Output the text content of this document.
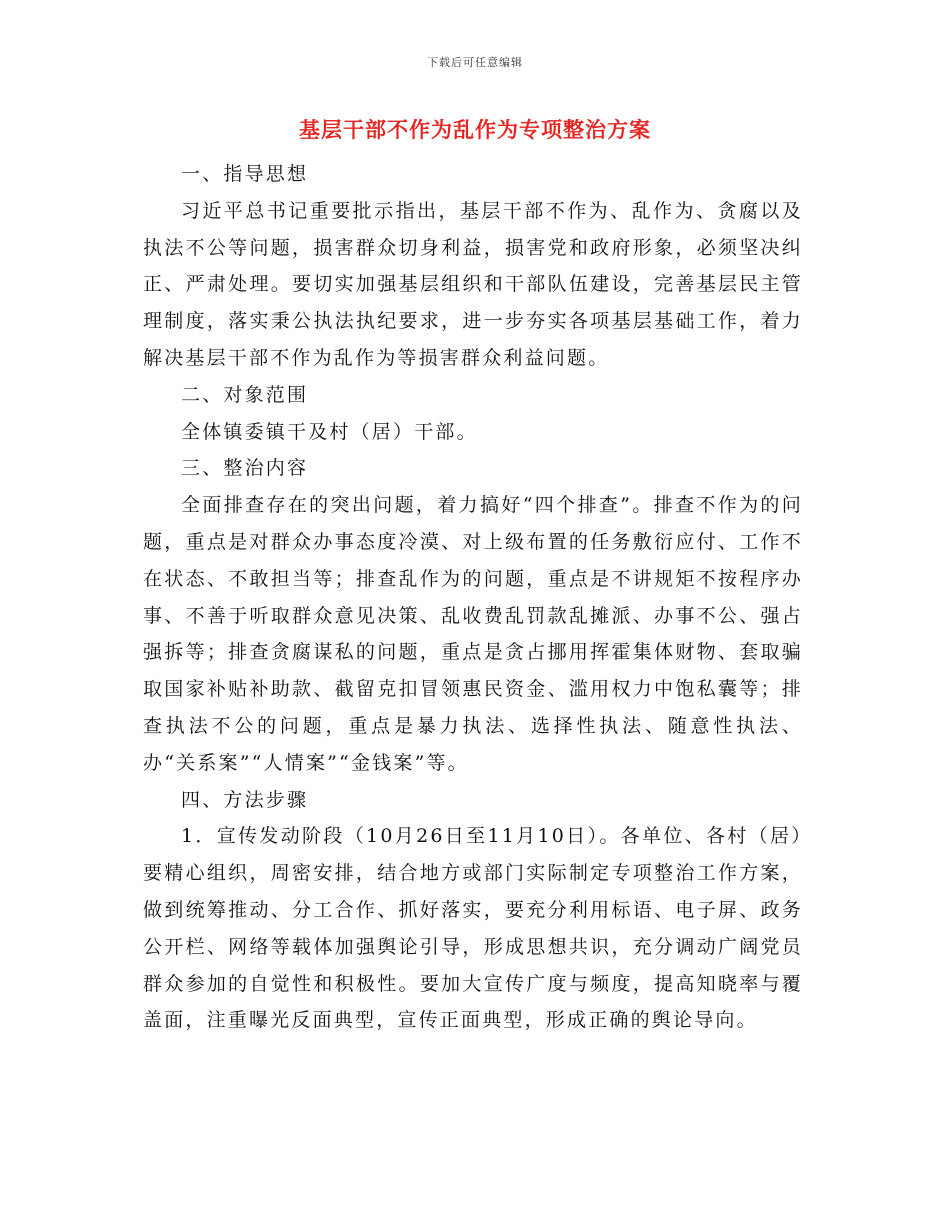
下载后可任意编辑
基层干部不作为乱作为专项整治方案

一、指导思想

习近平总书记重要批示指出，基层干部不作为、乱作为、贪腐以及执法不公等问题，损害群众切身利益，损害党和政府形象，必须坚决纠正、严肃处理。要切实加强基层组织和干部队伍建设，完善基层民主管理制度，落实秉公执法执纪要求，进一步夯实各项基层基础工作，着力解决基层干部不作为乱作为等损害群众利益问题。

二、对象范围

全体镇委镇干及村（居）干部。

三、整治内容

全面排查存在的突出问题，着力搞好“四个排查”。排查不作为的问题，重点是对群众办事态度冷漠、对上级布置的任务敷衍应付、工作不在状态、不敢担当等；排查乱作为的问题，重点是不讲规矩不按程序办事、不善于听取群众意见决策、乱收费乱罚款乱摊派、办事不公、强占强拆等；排查贪腐谋私的问题，重点是贪占挪用挥霍集体财物、套取骗取国家补贴补助款、截留克扣冒领惠民资金、滥用权力中饱私囊等；排查执法不公的问题，重点是暴力执法、选择性执法、随意性执法、办“关系案”“人情案”“金钱案”等。

四、方法步骤

1．宣传发动阶段（10月26日至11月10日）。各单位、各村（居）要精心组织，周密安排，结合地方或部门实际制定专项整治工作方案，做到统筹推动、分工合作、抓好落实，要充分利用标语、电子屏、政务公开栏、网络等载体加强舆论引导，形成思想共识，充分调动广阔党员群众参加的自觉性和积极性。要加大宣传广度与频度，提高知晓率与覆盖面，注重曝光反面典型，宣传正面典型，形成正确的舆论导向。
